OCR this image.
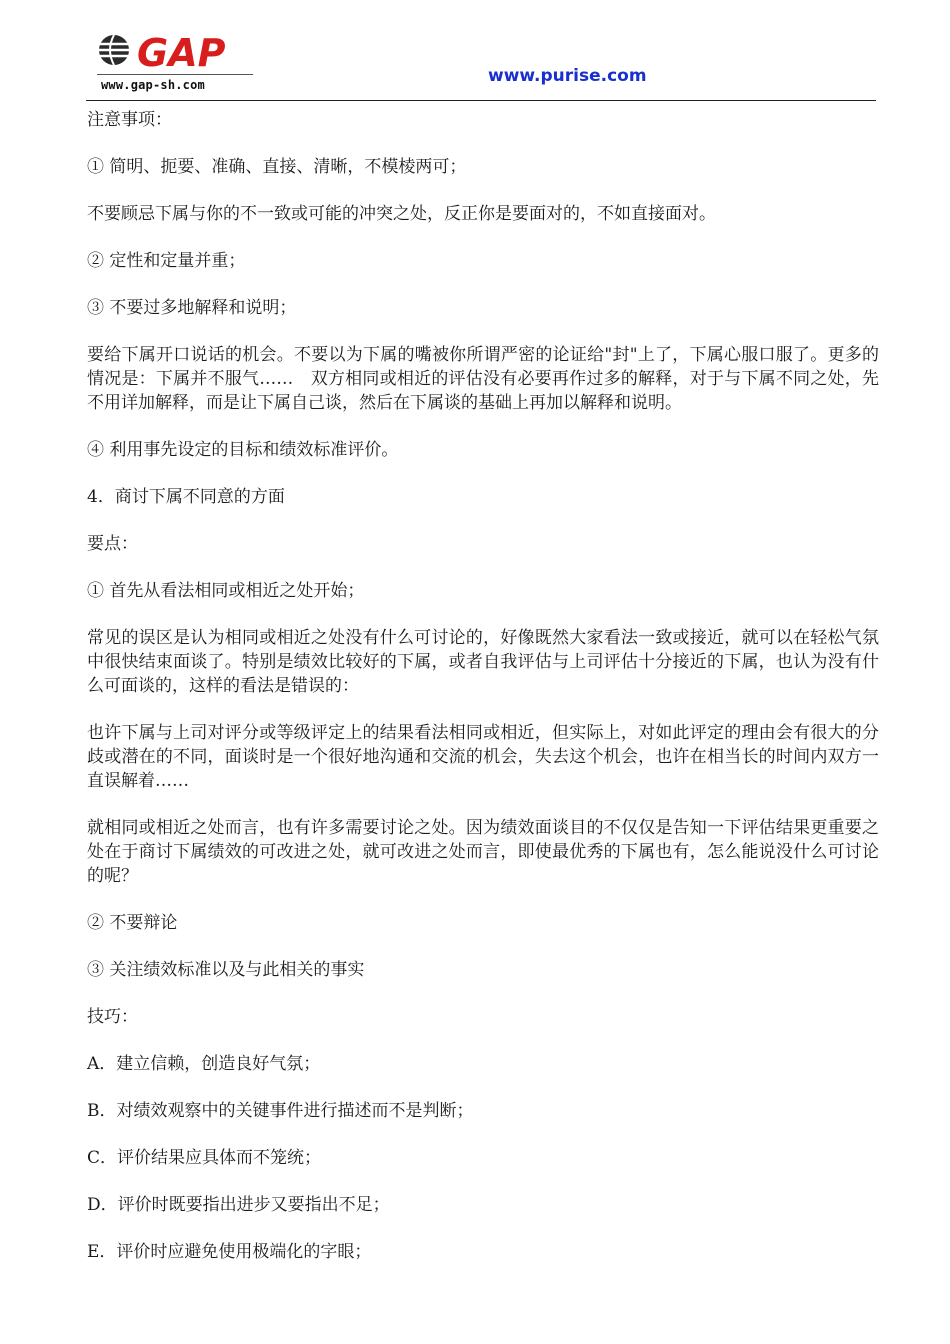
GAP
www.gap-sh.com	www.purise.com

注意事项：

① 简明、扼要、准确、直接、清晰，不模棱两可；

不要顾忌下属与你的不一致或可能的冲突之处，反正你是要面对的，不如直接面对。

② 定性和定量并重；

③ 不要过多地解释和说明；

要给下属开口说话的机会。不要以为下属的嘴被你所谓严密的论证给"封"上了，下属心服口服了。更多的情况是：下属并不服气……　双方相同或相近的评估没有必要再作过多的解释，对于与下属不同之处，先不用详加解释，而是让下属自己谈，然后在下属谈的基础上再加以解释和说明。

④ 利用事先设定的目标和绩效标准评价。

4．商讨下属不同意的方面

要点：

① 首先从看法相同或相近之处开始；

常见的误区是认为相同或相近之处没有什么可讨论的，好像既然大家看法一致或接近，就可以在轻松气氛中很快结束面谈了。特别是绩效比较好的下属，或者自我评估与上司评估十分接近的下属，也认为没有什么可面谈的，这样的看法是错误的：

也许下属与上司对评分或等级评定上的结果看法相同或相近，但实际上，对如此评定的理由会有很大的分歧或潜在的不同，面谈时是一个很好地沟通和交流的机会，失去这个机会，也许在相当长的时间内双方一直误解着……

就相同或相近之处而言，也有许多需要讨论之处。因为绩效面谈目的不仅仅是告知一下评估结果更重要之处在于商讨下属绩效的可改进之处，就可改进之处而言，即使最优秀的下属也有，怎么能说没什么可讨论的呢？

② 不要辩论

③ 关注绩效标准以及与此相关的事实

技巧：

A．建立信赖，创造良好气氛；

B．对绩效观察中的关键事件进行描述而不是判断；

C．评价结果应具体而不笼统；

D．评价时既要指出进步又要指出不足；

E．评价时应避免使用极端化的字眼；
